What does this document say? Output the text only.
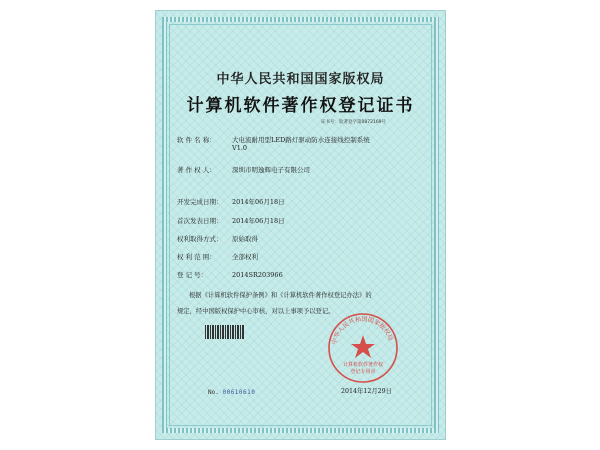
中华人民共和国国家版权局
计算机软件著作权登记证书
证书号：软著登字第0872169号
软 件 名 称：	大电流耐用型LED路灯驱动防水连接线控制系统
V1.0
著 作 权 人：	深圳市明逸辉电子有限公司
开发完成日期： 2014年06月18日
首次发表日期： 2014年06月18日
权利取得方式： 原始取得
权 利 范 围：	全部权利
登 记 号：	2014SR203966
根据《计算机软件保护条例》和《计算机软件著作权登记办法》的
规定，经中国版权保护中心审核，对以上事项予以登记。
No. 00610610
中华人民共和国国家版权局
计算机软件著作权
登记专用章
2014年12月29日
